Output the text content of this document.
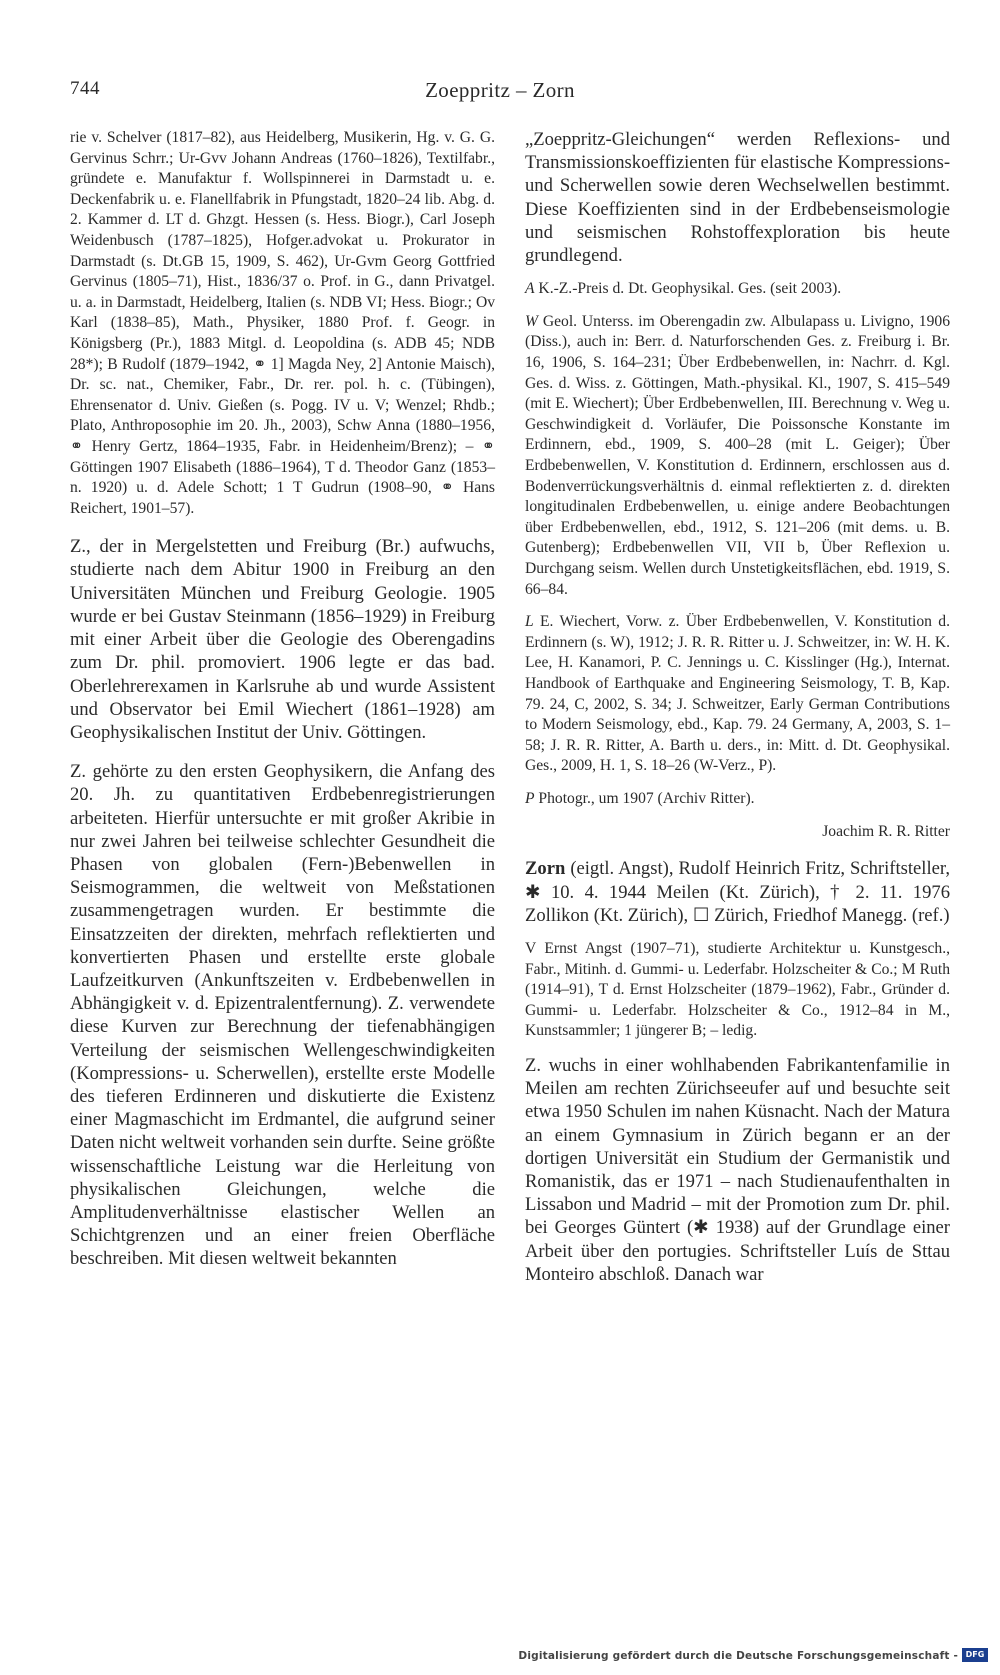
744	Zoeppritz – Zorn

rie v. Schelver (1817–82), aus Heidelberg, Musikerin, Hg. v. G. G. Gervinus Schrr.; Ur-Gvv Johann Andreas (1760–1826), Textilfabr., gründete e. Manufaktur f. Wollspinnerei in Darmstadt u. e. Deckenfabrik u. e. Flanellfabrik in Pfungstadt, 1820–24 lib. Abg. d. 2. Kammer d. LT d. Ghzgt. Hessen (s. Hess. Biogr.), Carl Joseph Weidenbusch (1787–1825), Hofger.advokat u. Prokurator in Darmstadt (s. Dt.GB 15, 1909, S. 462), Ur-Gvm Georg Gottfried Gervinus (1805–71), Hist., 1836/37 o. Prof. in G., dann Privatgel. u. a. in Darmstadt, Heidelberg, Italien (s. NDB VI; Hess. Biogr.; Ov Karl (1838–85), Math., Physiker, 1880 Prof. f. Geogr. in Königsberg (Pr.), 1883 Mitgl. d. Leopoldina (s. ADB 45; NDB 28*); B Rudolf (1879–1942, ⚭ 1] Magda Ney, 2] Antonie Maisch), Dr. sc. nat., Chemiker, Fabr., Dr. rer. pol. h. c. (Tübingen), Ehrensenator d. Univ. Gießen (s. Pogg. IV u. V; Wenzel; Rhdb.; Plato, Anthroposophie im 20. Jh., 2003), Schw Anna (1880–1956, ⚭ Henry Gertz, 1864–1935, Fabr. in Heidenheim/Brenz); – ⚭ Göttingen 1907 Elisabeth (1886–1964), T d. Theodor Ganz (1853–n. 1920) u. d. Adele Schott; 1 T Gudrun (1908–90, ⚭ Hans Reichert, 1901–57).

Z., der in Mergelstetten und Freiburg (Br.) aufwuchs, studierte nach dem Abitur 1900 in Freiburg an den Universitäten München und Freiburg Geologie. 1905 wurde er bei Gustav Steinmann (1856–1929) in Freiburg mit einer Arbeit über die Geologie des Oberengadins zum Dr. phil. promoviert. 1906 legte er das bad. Oberlehrerexamen in Karlsruhe ab und wurde Assistent und Observator bei Emil Wiechert (1861–1928) am Geophysikalischen Institut der Univ. Göttingen.

Z. gehörte zu den ersten Geophysikern, die Anfang des 20. Jh. zu quantitativen Erdbebenregistrierungen arbeiteten. Hierfür untersuchte er mit großer Akribie in nur zwei Jahren bei teilweise schlechter Gesundheit die Phasen von globalen (Fern-)Bebenwellen in Seismogrammen, die weltweit von Meßstationen zusammengetragen wurden. Er bestimmte die Einsatzzeiten der direkten, mehrfach reflektierten und konvertierten Phasen und erstellte erste globale Laufzeitkurven (Ankunftszeiten v. Erdbebenwellen in Abhängigkeit v. d. Epizentralentfernung). Z. verwendete diese Kurven zur Berechnung der tiefenabhängigen Verteilung der seismischen Wellengeschwindigkeiten (Kompressions- u. Scherwellen), erstellte erste Modelle des tieferen Erdinneren und diskutierte die Existenz einer Magmaschicht im Erdmantel, die aufgrund seiner Daten nicht weltweit vorhanden sein durfte. Seine größte wissenschaftliche Leistung war die Herleitung von physikalischen Gleichungen, welche die Amplitudenverhältnisse elastischer Wellen an Schichtgrenzen und an einer freien Oberfläche beschreiben. Mit diesen weltweit bekannten

„Zoeppritz-Gleichungen“ werden Reflexions- und Transmissionskoeffizienten für elastische Kompressions- und Scherwellen sowie deren Wechselwellen bestimmt. Diese Koeffizienten sind in der Erdbebenseismologie und seismischen Rohstoffexploration bis heute grundlegend.

A K.-Z.-Preis d. Dt. Geophysikal. Ges. (seit 2003).

W Geol. Unterss. im Oberengadin zw. Albulapass u. Livigno, 1906 (Diss.), auch in: Berr. d. Naturforschenden Ges. z. Freiburg i. Br. 16, 1906, S. 164–231; Über Erdbebenwellen, in: Nachrr. d. Kgl. Ges. d. Wiss. z. Göttingen, Math.-physikal. Kl., 1907, S. 415–549 (mit E. Wiechert); Über Erdbebenwellen, III. Berechnung v. Weg u. Geschwindigkeit d. Vorläufer, Die Poissonsche Konstante im Erdinnern, ebd., 1909, S. 400–28 (mit L. Geiger); Über Erdbebenwellen, V. Konstitution d. Erdinnern, erschlossen aus d. Bodenverrückungsverhältnis d. einmal reflektierten z. d. direkten longitudinalen Erdbebenwellen, u. einige andere Beobachtungen über Erdbebenwellen, ebd., 1912, S. 121–206 (mit dems. u. B. Gutenberg); Erdbebenwellen VII, VII b, Über Reflexion u. Durchgang seism. Wellen durch Unstetigkeitsflächen, ebd. 1919, S. 66–84.

L E. Wiechert, Vorw. z. Über Erdbebenwellen, V. Konstitution d. Erdinnern (s. W), 1912; J. R. R. Ritter u. J. Schweitzer, in: W. H. K. Lee, H. Kanamori, P. C. Jennings u. C. Kisslinger (Hg.), Internat. Handbook of Earthquake and Engineering Seismology, T. B, Kap. 79. 24, C, 2002, S. 34; J. Schweitzer, Early German Contributions to Modern Seismology, ebd., Kap. 79. 24 Germany, A, 2003, S. 1–58; J. R. R. Ritter, A. Barth u. ders., in: Mitt. d. Dt. Geophysikal. Ges., 2009, H. 1, S. 18–26 (W-Verz., P).

P Photogr., um 1907 (Archiv Ritter).

Joachim R. R. Ritter

Zorn (eigtl. Angst), Rudolf Heinrich Fritz, Schriftsteller, ✱ 10. 4. 1944 Meilen (Kt. Zürich), † 2. 11. 1976 Zollikon (Kt. Zürich), ☐ Zürich, Friedhof Manegg. (ref.)

V Ernst Angst (1907–71), studierte Architektur u. Kunstgesch., Fabr., Mitinh. d. Gummi- u. Lederfabr. Holzscheiter & Co.; M Ruth (1914–91), T d. Ernst Holzscheiter (1879–1962), Fabr., Gründer d. Gummi- u. Lederfabr. Holzscheiter & Co., 1912–84 in M., Kunstsammler; 1 jüngerer B; – ledig.

Z. wuchs in einer wohlhabenden Fabrikantenfamilie in Meilen am rechten Zürichseeufer auf und besuchte seit etwa 1950 Schulen im nahen Küsnacht. Nach der Matura an einem Gymnasium in Zürich begann er an der dortigen Universität ein Studium der Germanistik und Romanistik, das er 1971 – nach Studienaufenthalten in Lissabon und Madrid – mit der Promotion zum Dr. phil. bei Georges Güntert (✱ 1938) auf der Grundlage einer Arbeit über den portugies. Schriftsteller Luís de Sttau Monteiro abschloß. Danach war

Digitalisierung gefördert durch die Deutsche Forschungsgemeinschaft - DFG
